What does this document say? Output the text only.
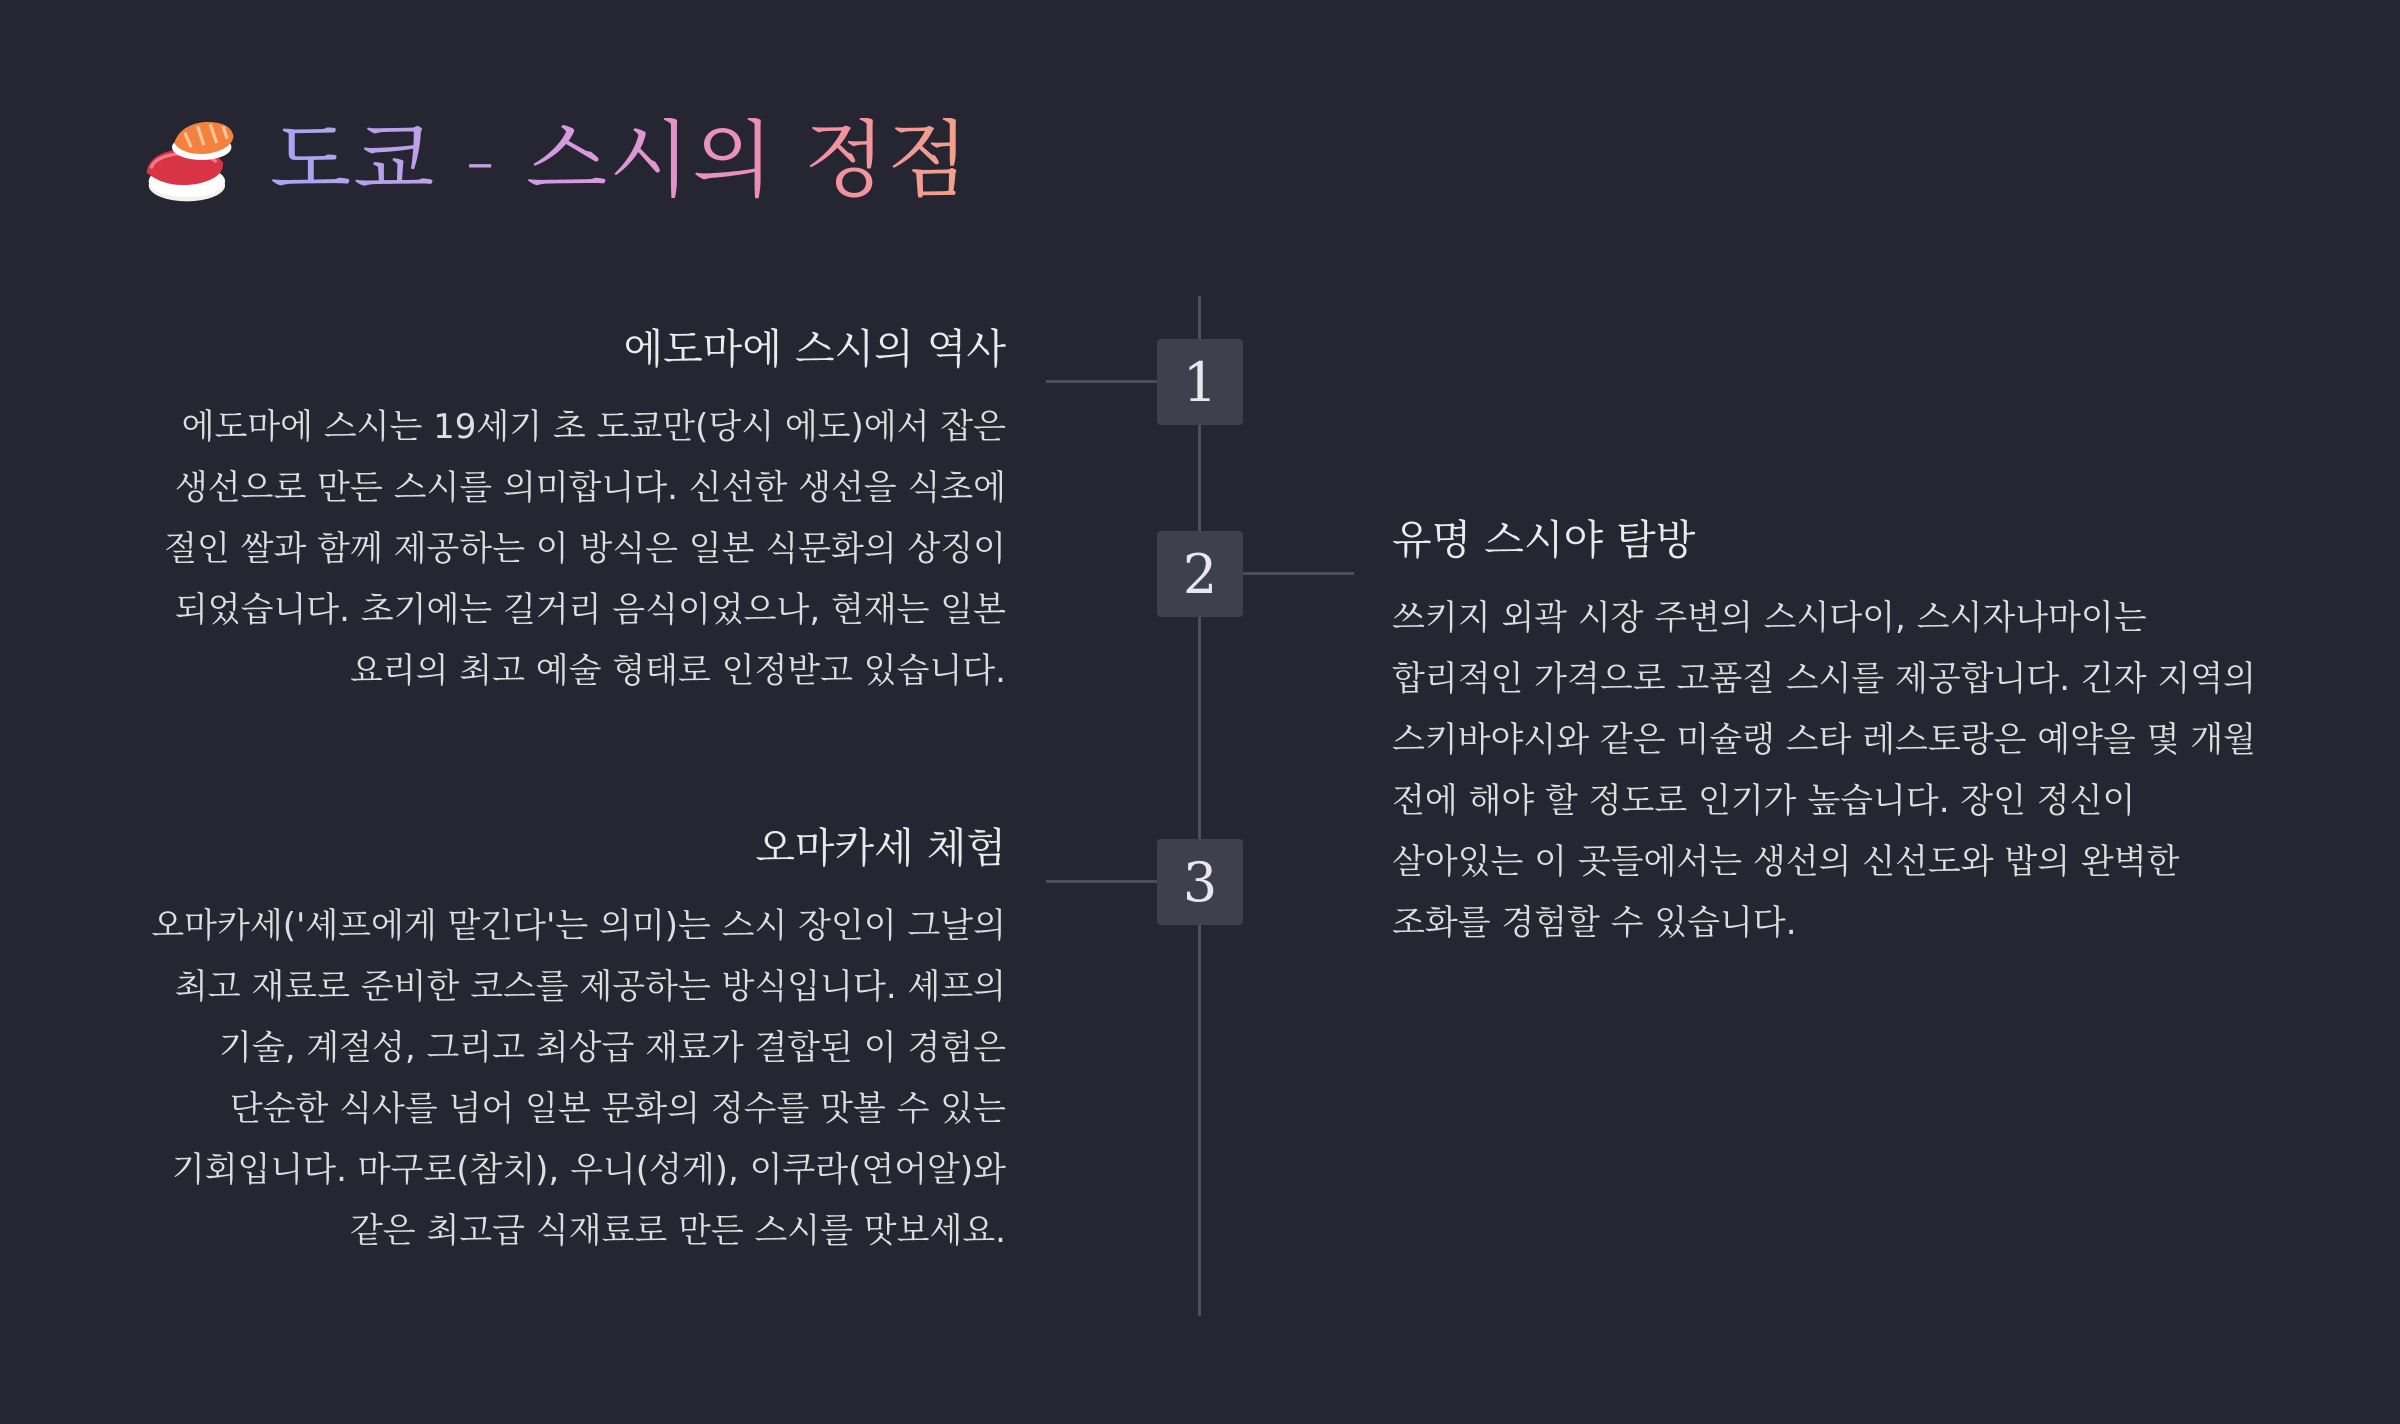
도쿄 - 스시의 정점
1
에도마에 스시의 역사

에도마에 스시는 19세기 초 도쿄만(당시 에도)에서 잡은 생선으로 만든 스시를 의미합니다. 신선한 생선을 식초에 절인 쌀과 함께 제공하는 이 방식은 일본 식문화의 상징이 되었습니다. 초기에는 길거리 음식이었으나, 현재는 일본 요리의 최고 예술 형태로 인정받고 있습니다.

2
유명 스시야 탐방

쓰키지 외곽 시장 주변의 스시다이, 스시자나마이는 합리적인 가격으로 고품질 스시를 제공합니다. 긴자 지역의 스키바야시와 같은 미슐랭 스타 레스토랑은 예약을 몇 개월 전에 해야 할 정도로 인기가 높습니다. 장인 정신이 살아있는 이 곳들에서는 생선의 신선도와 밥의 완벽한 조화를 경험할 수 있습니다.

3
오마카세 체험

오마카세('셰프에게 맡긴다'는 의미)는 스시 장인이 그날의 최고 재료로 준비한 코스를 제공하는 방식입니다. 셰프의 기술, 계절성, 그리고 최상급 재료가 결합된 이 경험은 단순한 식사를 넘어 일본 문화의 정수를 맛볼 수 있는 기회입니다. 마구로(참치), 우니(성게), 이쿠라(연어알)와 같은 최고급 식재료로 만든 스시를 맛보세요.
